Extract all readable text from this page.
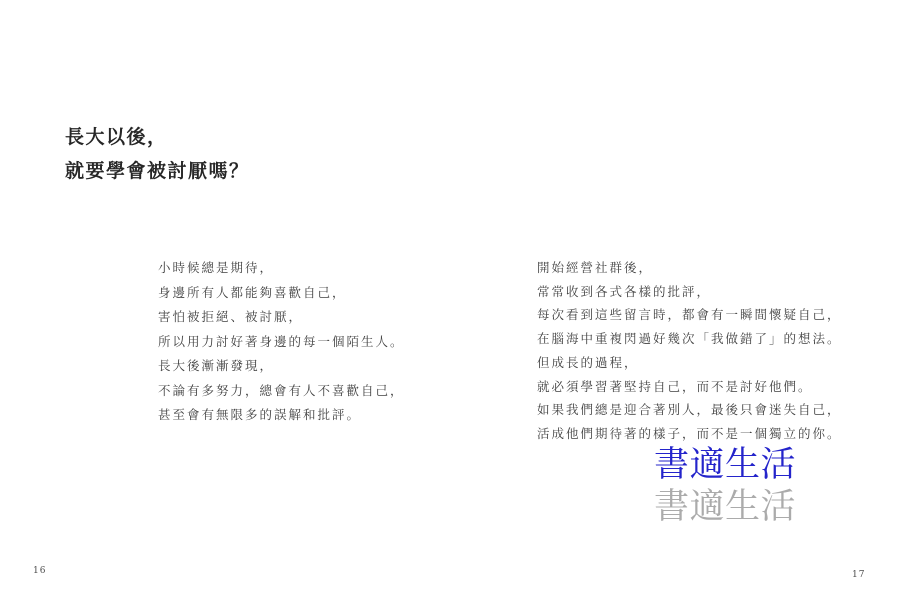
長大以後，
就要學會被討厭嗎？
小時候總是期待，
身邊所有人都能夠喜歡自己，
害怕被拒絕、被討厭，
所以用力討好著身邊的每一個陌生人。
長大後漸漸發現，
不論有多努力，總會有人不喜歡自己，
甚至會有無限多的誤解和批評。
開始經營社群後，
常常收到各式各樣的批評，
每次看到這些留言時，都會有一瞬間懷疑自己，
在腦海中重複閃過好幾次「我做錯了」的想法。
但成長的過程，
就必須學習著堅持自己，而不是討好他們。
如果我們總是迎合著別人，最後只會迷失自己，
活成他們期待著的樣子，而不是一個獨立的你。
書適生活
書適生活
16	17
